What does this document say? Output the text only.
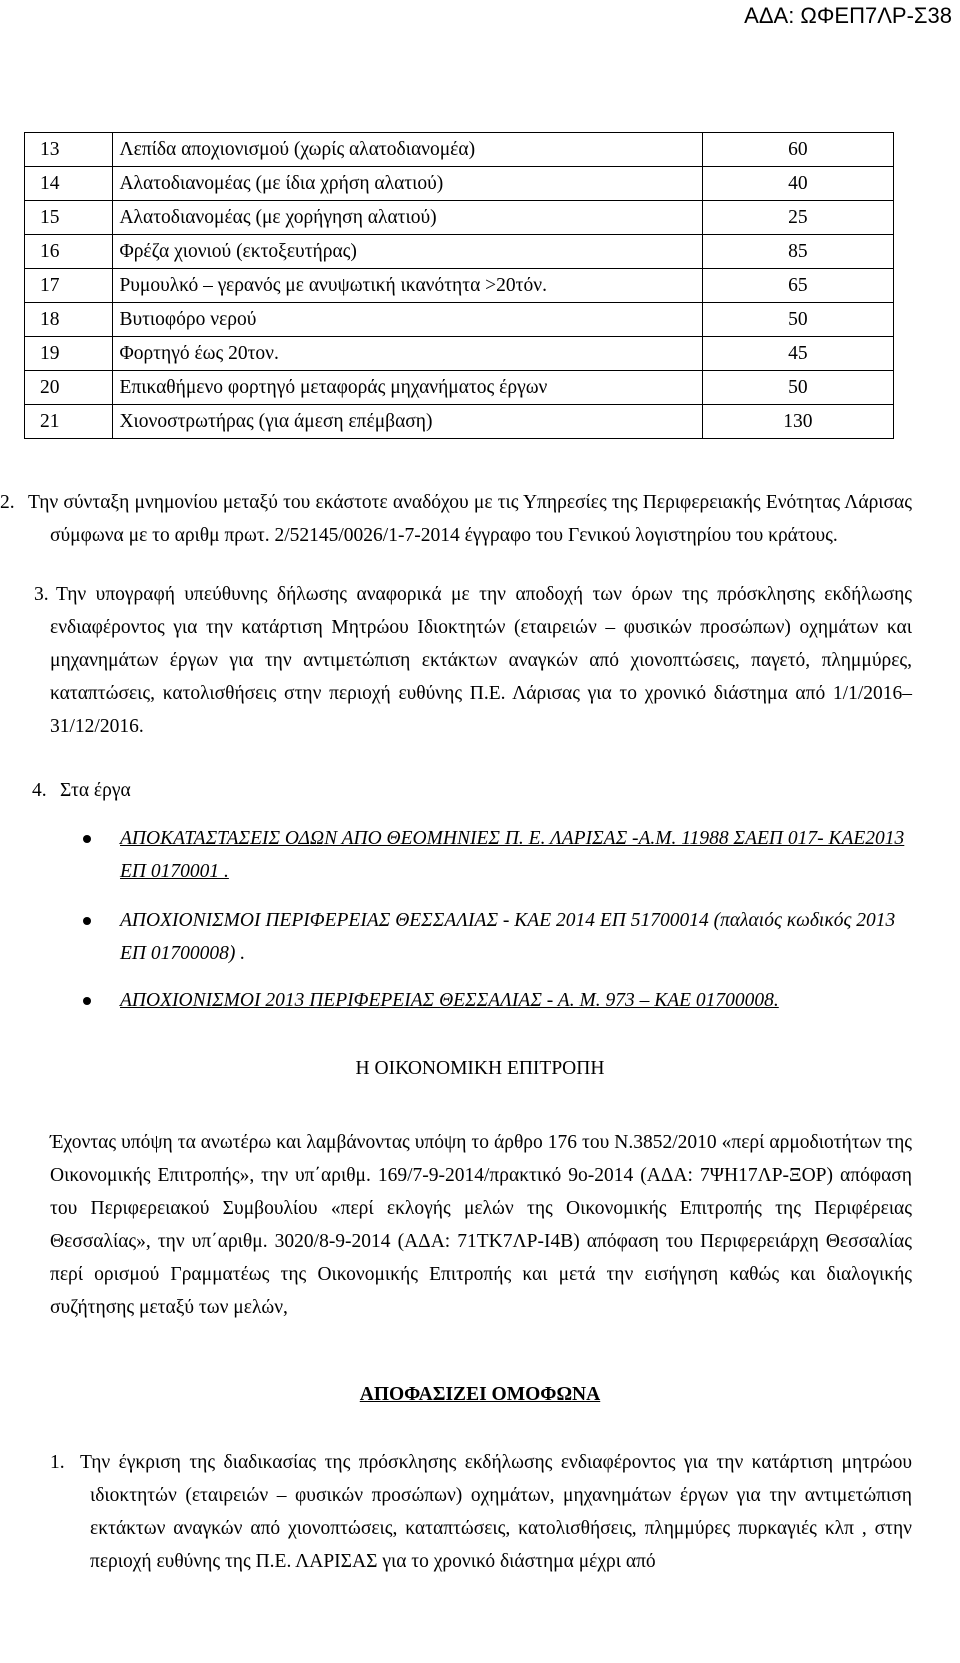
ΑΔΑ: ΩΦΕΠ7ΛΡ-Σ38
13	Λεπίδα αποχιονισμού (χωρίς αλατοδιανομέα)	60
14	Αλατοδιανομέας (με ίδια χρήση αλατιού)	40
15	Αλατοδιανομέας (με χορήγηση αλατιού)	25
16	Φρέζα χιονιού (εκτοξευτήρας)	85
17	Ρυμουλκό – γερανός με ανυψωτική ικανότητα >20τόν.	65
18	Βυτιοφόρο νερού	50
19	Φορτηγό έως 20τον.	45
20	Επικαθήμενο φορτηγό μεταφοράς μηχανήματος έργων	50
21	Χιονοστρωτήρας (για άμεση επέμβαση)	130
2. Την σύνταξη μνημονίου μεταξύ του εκάστοτε αναδόχου με τις Υπηρεσίες της Περιφερειακής Ενότητας Λάρισας σύμφωνα με το αριθμ πρωτ. 2/52145/0026/1-7-2014 έγγραφο του Γενικού λογιστηρίου του κράτους.
3. Την υπογραφή υπεύθυνης δήλωσης αναφορικά με την αποδοχή των όρων της πρόσκλησης εκδήλωσης ενδιαφέροντος για την κατάρτιση Μητρώου Ιδιοκτητών (εταιρειών – φυσικών προσώπων) οχημάτων και μηχανημάτων έργων για την αντιμετώπιση εκτάκτων αναγκών από χιονοπτώσεις, παγετό, πλημμύρες, καταπτώσεις, κατολισθήσεις στην περιοχή ευθύνης Π.Ε. Λάρισας για το χρονικό διάστημα από 1/1/2016–31/12/2016.
4. Στα έργα
ΑΠΟΚΑΤΑΣΤΑΣΕΙΣ ΟΔΩΝ ΑΠΟ ΘΕΟΜΗΝΙΕΣ Π. Ε. ΛΑΡΙΣΑΣ -Α.Μ. 11988 ΣΑΕΠ 017- ΚΑΕ2013 ΕΠ 0170001 .
ΑΠΟΧΙΟΝΙΣΜΟΙ ΠΕΡΙΦΕΡΕΙΑΣ ΘΕΣΣΑΛΙΑΣ - ΚΑΕ 2014 ΕΠ 51700014 (παλαιός κωδικός 2013 ΕΠ 01700008) .
ΑΠΟΧΙΟΝΙΣΜΟΙ 2013 ΠΕΡΙΦΕΡΕΙΑΣ ΘΕΣΣΑΛΙΑΣ - Α. Μ. 973 – ΚΑΕ 01700008.
Η ΟΙΚΟΝΟΜΙΚΗ ΕΠΙΤΡΟΠΗ
Έχοντας υπόψη τα ανωτέρω και λαμβάνοντας υπόψη το άρθρο 176 του Ν.3852/2010 «περί αρμοδιοτήτων της Οικονομικής Επιτροπής», την υπ΄αριθμ. 169/7-9-2014/πρακτικό 9ο-2014 (ΑΔΑ: 7ΨΗ17ΛΡ-ΞΟΡ) απόφαση του Περιφερειακού Συμβουλίου «περί εκλογής μελών της Οικονομικής Επιτροπής της Περιφέρειας Θεσσαλίας», την υπ΄αριθμ. 3020/8-9-2014 (ΑΔΑ: 71ΤΚ7ΛΡ-Ι4Β) απόφαση του Περιφερειάρχη Θεσσαλίας περί ορισμού Γραμματέως της Οικονομικής Επιτροπής και μετά την εισήγηση καθώς και διαλογικής συζήτησης μεταξύ των μελών,
ΑΠΟΦΑΣΙΖΕΙ ΟΜΟΦΩΝΑ
1. Την έγκριση της διαδικασίας της πρόσκλησης εκδήλωσης ενδιαφέροντος για την κατάρτιση μητρώου ιδιοκτητών (εταιρειών – φυσικών προσώπων) οχημάτων, μηχανημάτων έργων για την αντιμετώπιση εκτάκτων αναγκών από χιονοπτώσεις, καταπτώσεις, κατολισθήσεις, πλημμύρες πυρκαγιές κλπ , στην περιοχή ευθύνης της Π.Ε. ΛΑΡΙΣΑΣ για το χρονικό διάστημα μέχρι από
